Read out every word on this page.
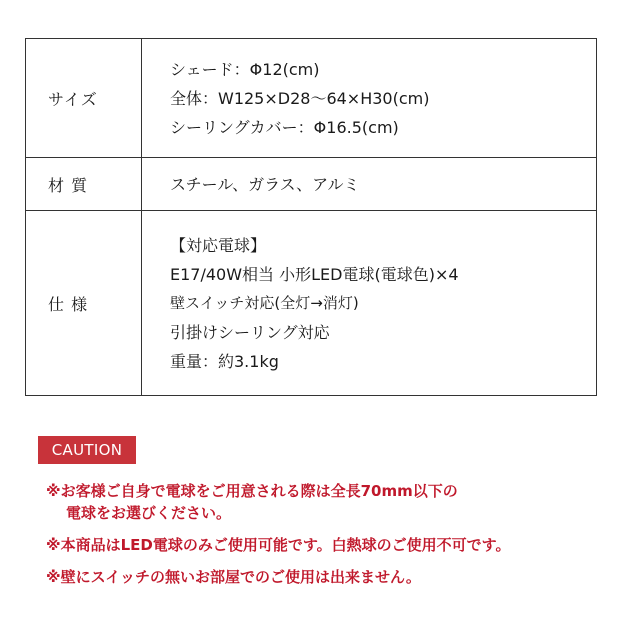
サイズ	シェード：Φ12(cm)
全体：W125×D28～64×H30(cm)
シーリングカバー：Φ16.5(cm)

材 質	スチール、ガラス、アルミ

仕 様	【対応電球】
E17/40W相当 小形LED電球(電球色)×4
壁スイッチ対応(全灯→消灯)
引掛けシーリング対応
重量：約3.1kg
CAUTION
※お客様ご自身で電球をご用意される際は全長70mm以下の
電球をお選びください。
※本商品はLED電球のみご使用可能です。白熱球のご使用不可です。
※壁にスイッチの無いお部屋でのご使用は出来ません。
